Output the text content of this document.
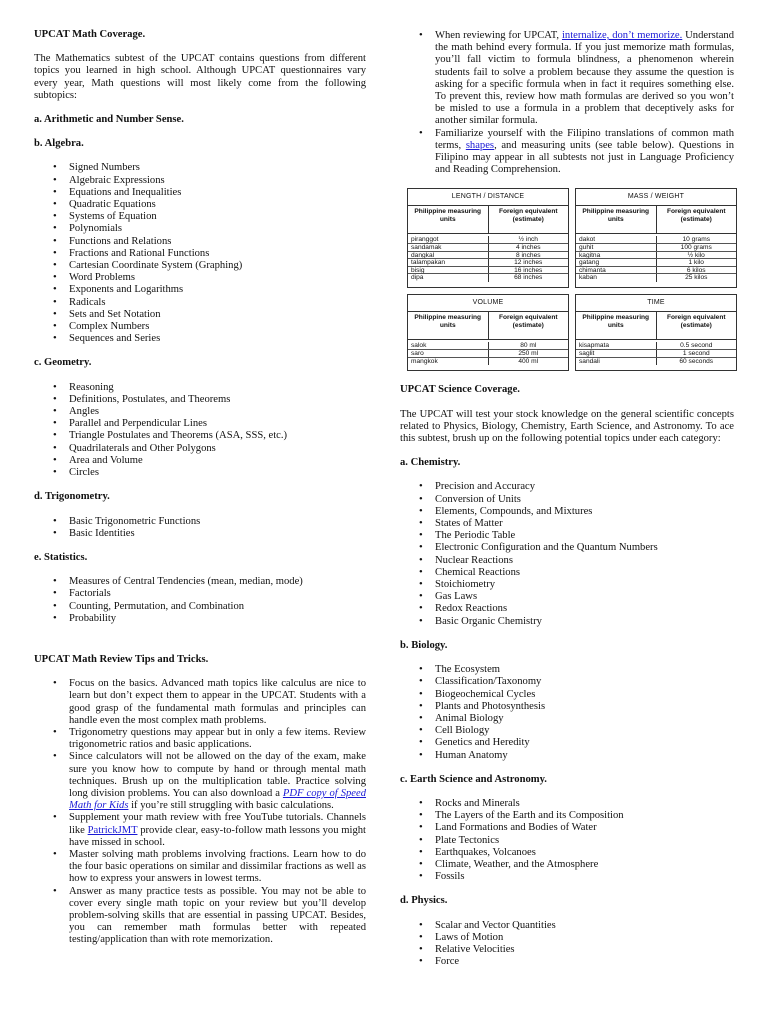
UPCAT Math Coverage.

The Mathematics subtest of the UPCAT contains questions from different topics you learned in high school. Although UPCAT questionnaires vary every year, Math questions will most likely come from the following subtopics:

a. Arithmetic and Number Sense.
b. Algebra.
• Signed Numbers
• Algebraic Expressions
• Equations and Inequalities
• Quadratic Equations
• Systems of Equation
• Polynomials
• Functions and Relations
• Fractions and Rational Functions
• Cartesian Coordinate System (Graphing)
• Word Problems
• Exponents and Logarithms
• Radicals
• Sets and Set Notation
• Complex Numbers
• Sequences and Series
c. Geometry.
• Reasoning
• Definitions, Postulates, and Theorems
• Angles
• Parallel and Perpendicular Lines
• Triangle Postulates and Theorems (ASA, SSS, etc.)
• Quadrilaterals and Other Polygons
• Area and Volume
• Circles
d. Trigonometry.
• Basic Trigonometric Functions
• Basic Identities
e. Statistics.
• Measures of Central Tendencies (mean, median, mode)
• Factorials
• Counting, Permutation, and Combination
• Probability
UPCAT Math Review Tips and Tricks.
• Focus on the basics. Advanced math topics like calculus are nice to learn but don’t expect them to appear in the UPCAT. Students with a good grasp of the fundamental math formulas and principles can handle even the most complex math problems.
• Trigonometry questions may appear but in only a few items. Review trigonometric ratios and basic applications.
• Since calculators will not be allowed on the day of the exam, make sure you know how to compute by hand or through mental math techniques. Brush up on the multiplication table. Practice solving long division problems. You can also download a PDF copy of Speed Math for Kids if you’re still struggling with basic calculations.
• Supplement your math review with free YouTube tutorials. Channels like PatrickJMT provide clear, easy-to-follow math lessons you might have missed in school.
• Master solving math problems involving fractions. Learn how to do the four basic operations on similar and dissimilar fractions as well as how to express your answers in lowest terms.
• Answer as many practice tests as possible. You may not be able to cover every single math topic on your review but you’ll develop problem-solving skills that are essential in passing UPCAT. Besides, you can remember math formulas better with repeated testing/application than with rote memorization.
• When reviewing for UPCAT, internalize, don’t memorize. Understand the math behind every formula. If you just memorize math formulas, you’ll fall victim to formula blindness, a phenomenon wherein students fail to solve a problem because they assume the question is asking for a specific formula when in fact it requires something else. To prevent this, review how math formulas are derived so you won’t be misled to use a formula in a problem that deceptively asks for another similar formula.
• Familiarize yourself with the Filipino translations of common math terms, shapes, and measuring units (see table below). Questions in Filipino may appear in all subtests not just in Language Proficiency and Reading Comprehension.
LENGTH / DISTANCE
Philippine measuring units
Foreign equivalent (estimate)
piranggot	½ inch
sandamak	4 inches
dangkal	8 inches
talampakan	12 inches
bisig	16 inches
dipa	68 inches
MASS / WEIGHT
Philippine measuring units
Foreign equivalent (estimate)
dakot	10 grams
guhit	100 grams
kagitna	½ kilo
gatang	1 kilo
chimanta	6 kilos
kaban	25 kilos
VOLUME
Philippine measuring units
Foreign equivalent (estimate)
salok	80 ml
saro	250 ml
mangkok	400 ml
TIME
Philippine measuring units
Foreign equivalent (estimate)
kisapmata	0.5 second
saglit	1 second
sandali	60 seconds
UPCAT Science Coverage.

The UPCAT will test your stock knowledge on the general scientific concepts related to Physics, Biology, Chemistry, Earth Science, and Astronomy. To ace this subtest, brush up on the following potential topics under each category:

a. Chemistry.
• Precision and Accuracy
• Conversion of Units
• Elements, Compounds, and Mixtures
• States of Matter
• The Periodic Table
• Electronic Configuration and the Quantum Numbers
• Nuclear Reactions
• Chemical Reactions
• Stoichiometry
• Gas Laws
• Redox Reactions
• Basic Organic Chemistry
b. Biology.
• The Ecosystem
• Classification/Taxonomy
• Biogeochemical Cycles
• Plants and Photosynthesis
• Animal Biology
• Cell Biology
• Genetics and Heredity
• Human Anatomy
c. Earth Science and Astronomy.
• Rocks and Minerals
• The Layers of the Earth and its Composition
• Land Formations and Bodies of Water
• Plate Tectonics
• Earthquakes, Volcanoes
• Climate, Weather, and the Atmosphere
• Fossils
d. Physics.
• Scalar and Vector Quantities
• Laws of Motion
• Relative Velocities
• Force
